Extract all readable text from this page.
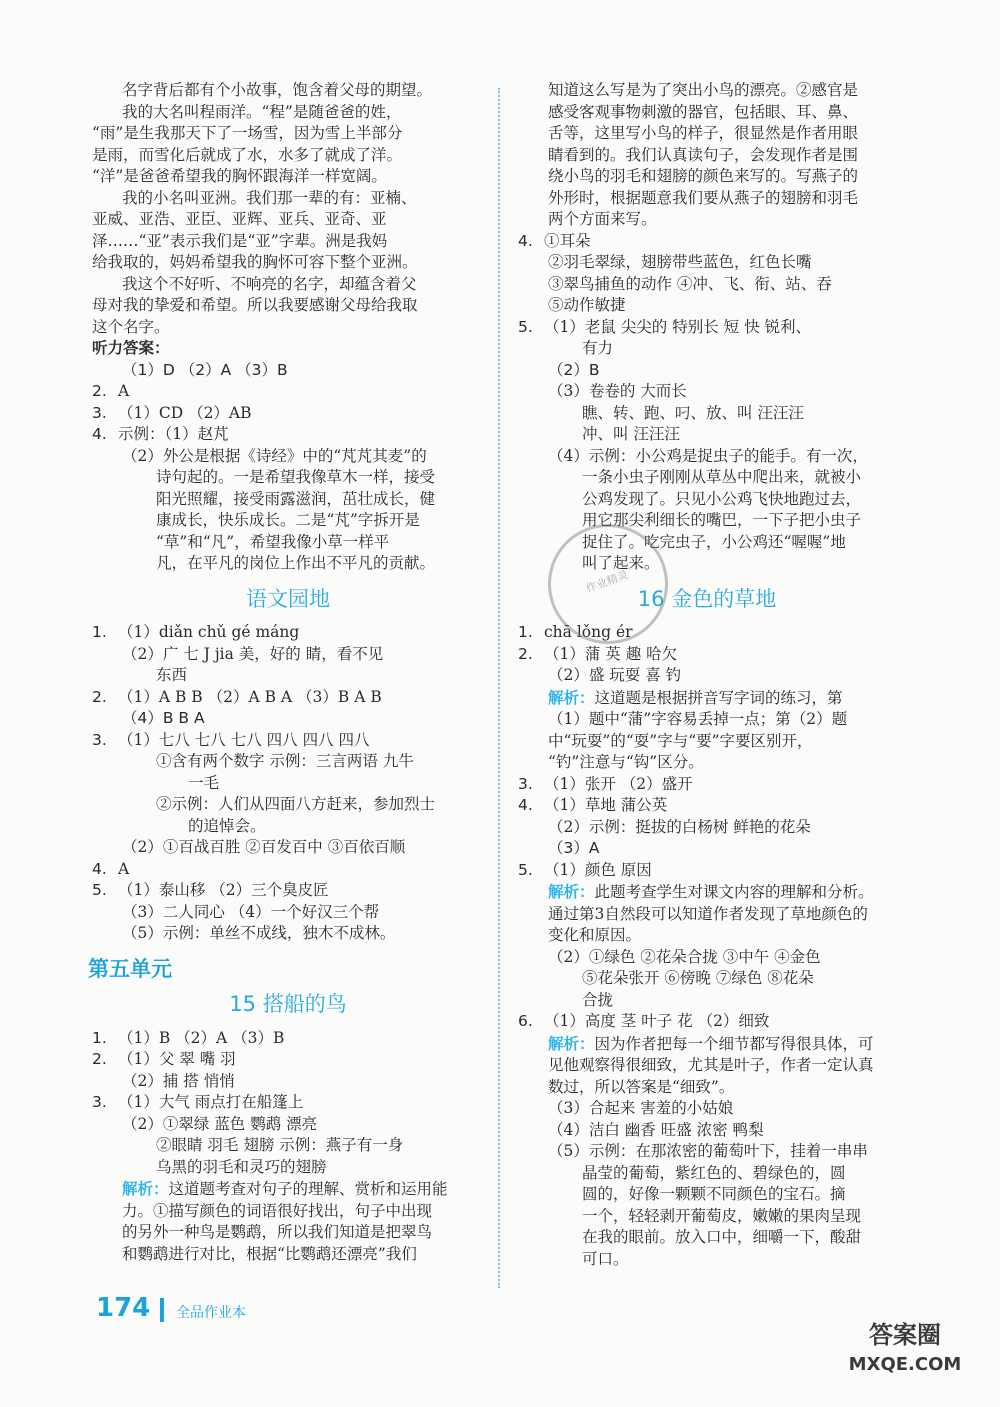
名字背后都有个小故事，饱含着父母的期望。
我的大名叫程雨洋。“程”是随爸爸的姓，
“雨”是生我那天下了一场雪，因为雪上半部分
是雨，而雪化后就成了水，水多了就成了洋。
“洋”是爸爸希望我的胸怀跟海洋一样宽阔。
我的小名叫亚洲。我们那一辈的有：亚楠、
亚威、亚浩、亚臣、亚辉、亚兵、亚奇、亚
泽……“亚”表示我们是“亚”字辈。洲是我妈
给我取的，妈妈希望我的胸怀可容下整个亚洲。
我这个不好听、不响亮的名字，却蕴含着父
母对我的挚爱和希望。所以我要感谢父母给我取
这个名字。
听力答案：
（1）D （2）A （3）B
2. A
3. （1）CD （2）AB
4. 示例：（1）赵芃
（2）外公是根据《诗经》中的“芃芃其麦”的
诗句起的。一是希望我像草木一样，接受
阳光照耀，接受雨露滋润，茁壮成长，健
康成长，快乐成长。二是“芃”字拆开是
“草”和“凡”，希望我像小草一样平
凡，在平凡的岗位上作出不平凡的贡献。
语文园地
1. （1）diǎn chǔ gé máng
（2）广 七 J jia 美，好的 睛，看不见
东西
2. （1）A B B （2）A B A （3）B A B
（4）B B A
3. （1）七八 七八 七八 四八 四八 四八
①含有两个数字 示例：三言两语 九牛
一毛
②示例：人们从四面八方赶来，参加烈士
的追悼会。
（2）①百战百胜 ②百发百中 ③百依百顺
4. A
5. （1）泰山移 （2）三个臭皮匠
（3）二人同心 （4）一个好汉三个帮
（5）示例：单丝不成线，独木不成林。
第五单元
15 搭船的鸟
1. （1）B （2）A （3）B
2. （1）父 翠 嘴 羽
（2）捕 搭 悄悄
3. （1）大气 雨点打在船篷上
（2）①翠绿 蓝色 鹦鹉 漂亮
②眼睛 羽毛 翅膀 示例：燕子有一身
乌黑的羽毛和灵巧的翅膀
解析：这道题考查对句子的理解、赏析和运用能
力。①描写颜色的词语很好找出，句子中出现
的另外一种鸟是鹦鹉，所以我们知道是把翠鸟
和鹦鹉进行对比，根据“比鹦鹉还漂亮”我们
知道这么写是为了突出小鸟的漂亮。②感官是
感受客观事物刺激的器官，包括眼、耳、鼻、
舌等，这里写小鸟的样子，很显然是作者用眼
睛看到的。我们认真读句子，会发现作者是围
绕小鸟的羽毛和翅膀的颜色来写的。写燕子的
外形时，根据题意我们要从燕子的翅膀和羽毛
两个方面来写。
4. ①耳朵
②羽毛翠绿，翅膀带些蓝色，红色长嘴
③翠鸟捕鱼的动作 ④冲、飞、衔、站、吞
⑤动作敏捷
5. （1）老鼠 尖尖的 特别长 短 快 锐利、
有力
（2）B
（3）卷卷的 大而长
瞧、转、跑、叼、放、叫 汪汪汪
冲、叫 汪汪汪
（4）示例：小公鸡是捉虫子的能手。有一次，
一条小虫子刚刚从草丛中爬出来，就被小
公鸡发现了。只见小公鸡飞快地跑过去，
用它那尖利细长的嘴巴，一下子把小虫子
捉住了。吃完虫子，小公鸡还“喔喔”地
叫了起来。
16 金色的草地
1. chā lǒng ér
2. （1）蒲 英 趣 哈欠
（2）盛 玩耍 喜 钓
解析：这道题是根据拼音写字词的练习，第
（1）题中“蒲”字容易丢掉一点；第（2）题
中“玩耍”的“耍”字与“要”字要区别开，
“钓”注意与“钩”区分。
3. （1）张开 （2）盛开
4. （1）草地 蒲公英
（2）示例：挺拔的白杨树 鲜艳的花朵
（3）A
5. （1）颜色 原因
解析：此题考查学生对课文内容的理解和分析。
通过第3自然段可以知道作者发现了草地颜色的
变化和原因。
（2）①绿色 ②花朵合拢 ③中午 ④金色
⑤花朵张开 ⑥傍晚 ⑦绿色 ⑧花朵
合拢
6. （1）高度 茎 叶子 花 （2）细致
解析：因为作者把每一个细节都写得很具体，可
见他观察得很细致，尤其是叶子，作者一定认真
数过，所以答案是“细致”。
（3）合起来 害羞的小姑娘
（4）洁白 幽香 旺盛 浓密 鸭梨
（5）示例：在那浓密的葡萄叶下，挂着一串串
晶莹的葡萄，紫红色的、碧绿色的，圆
圆的，好像一颗颗不同颜色的宝石。摘
一个，轻轻剥开葡萄皮，嫩嫩的果肉呈现
在我的眼前。放入口中，细嚼一下，酸甜
可口。
作业精灵
174 全品作业本
答案圈
MXQE.COM
